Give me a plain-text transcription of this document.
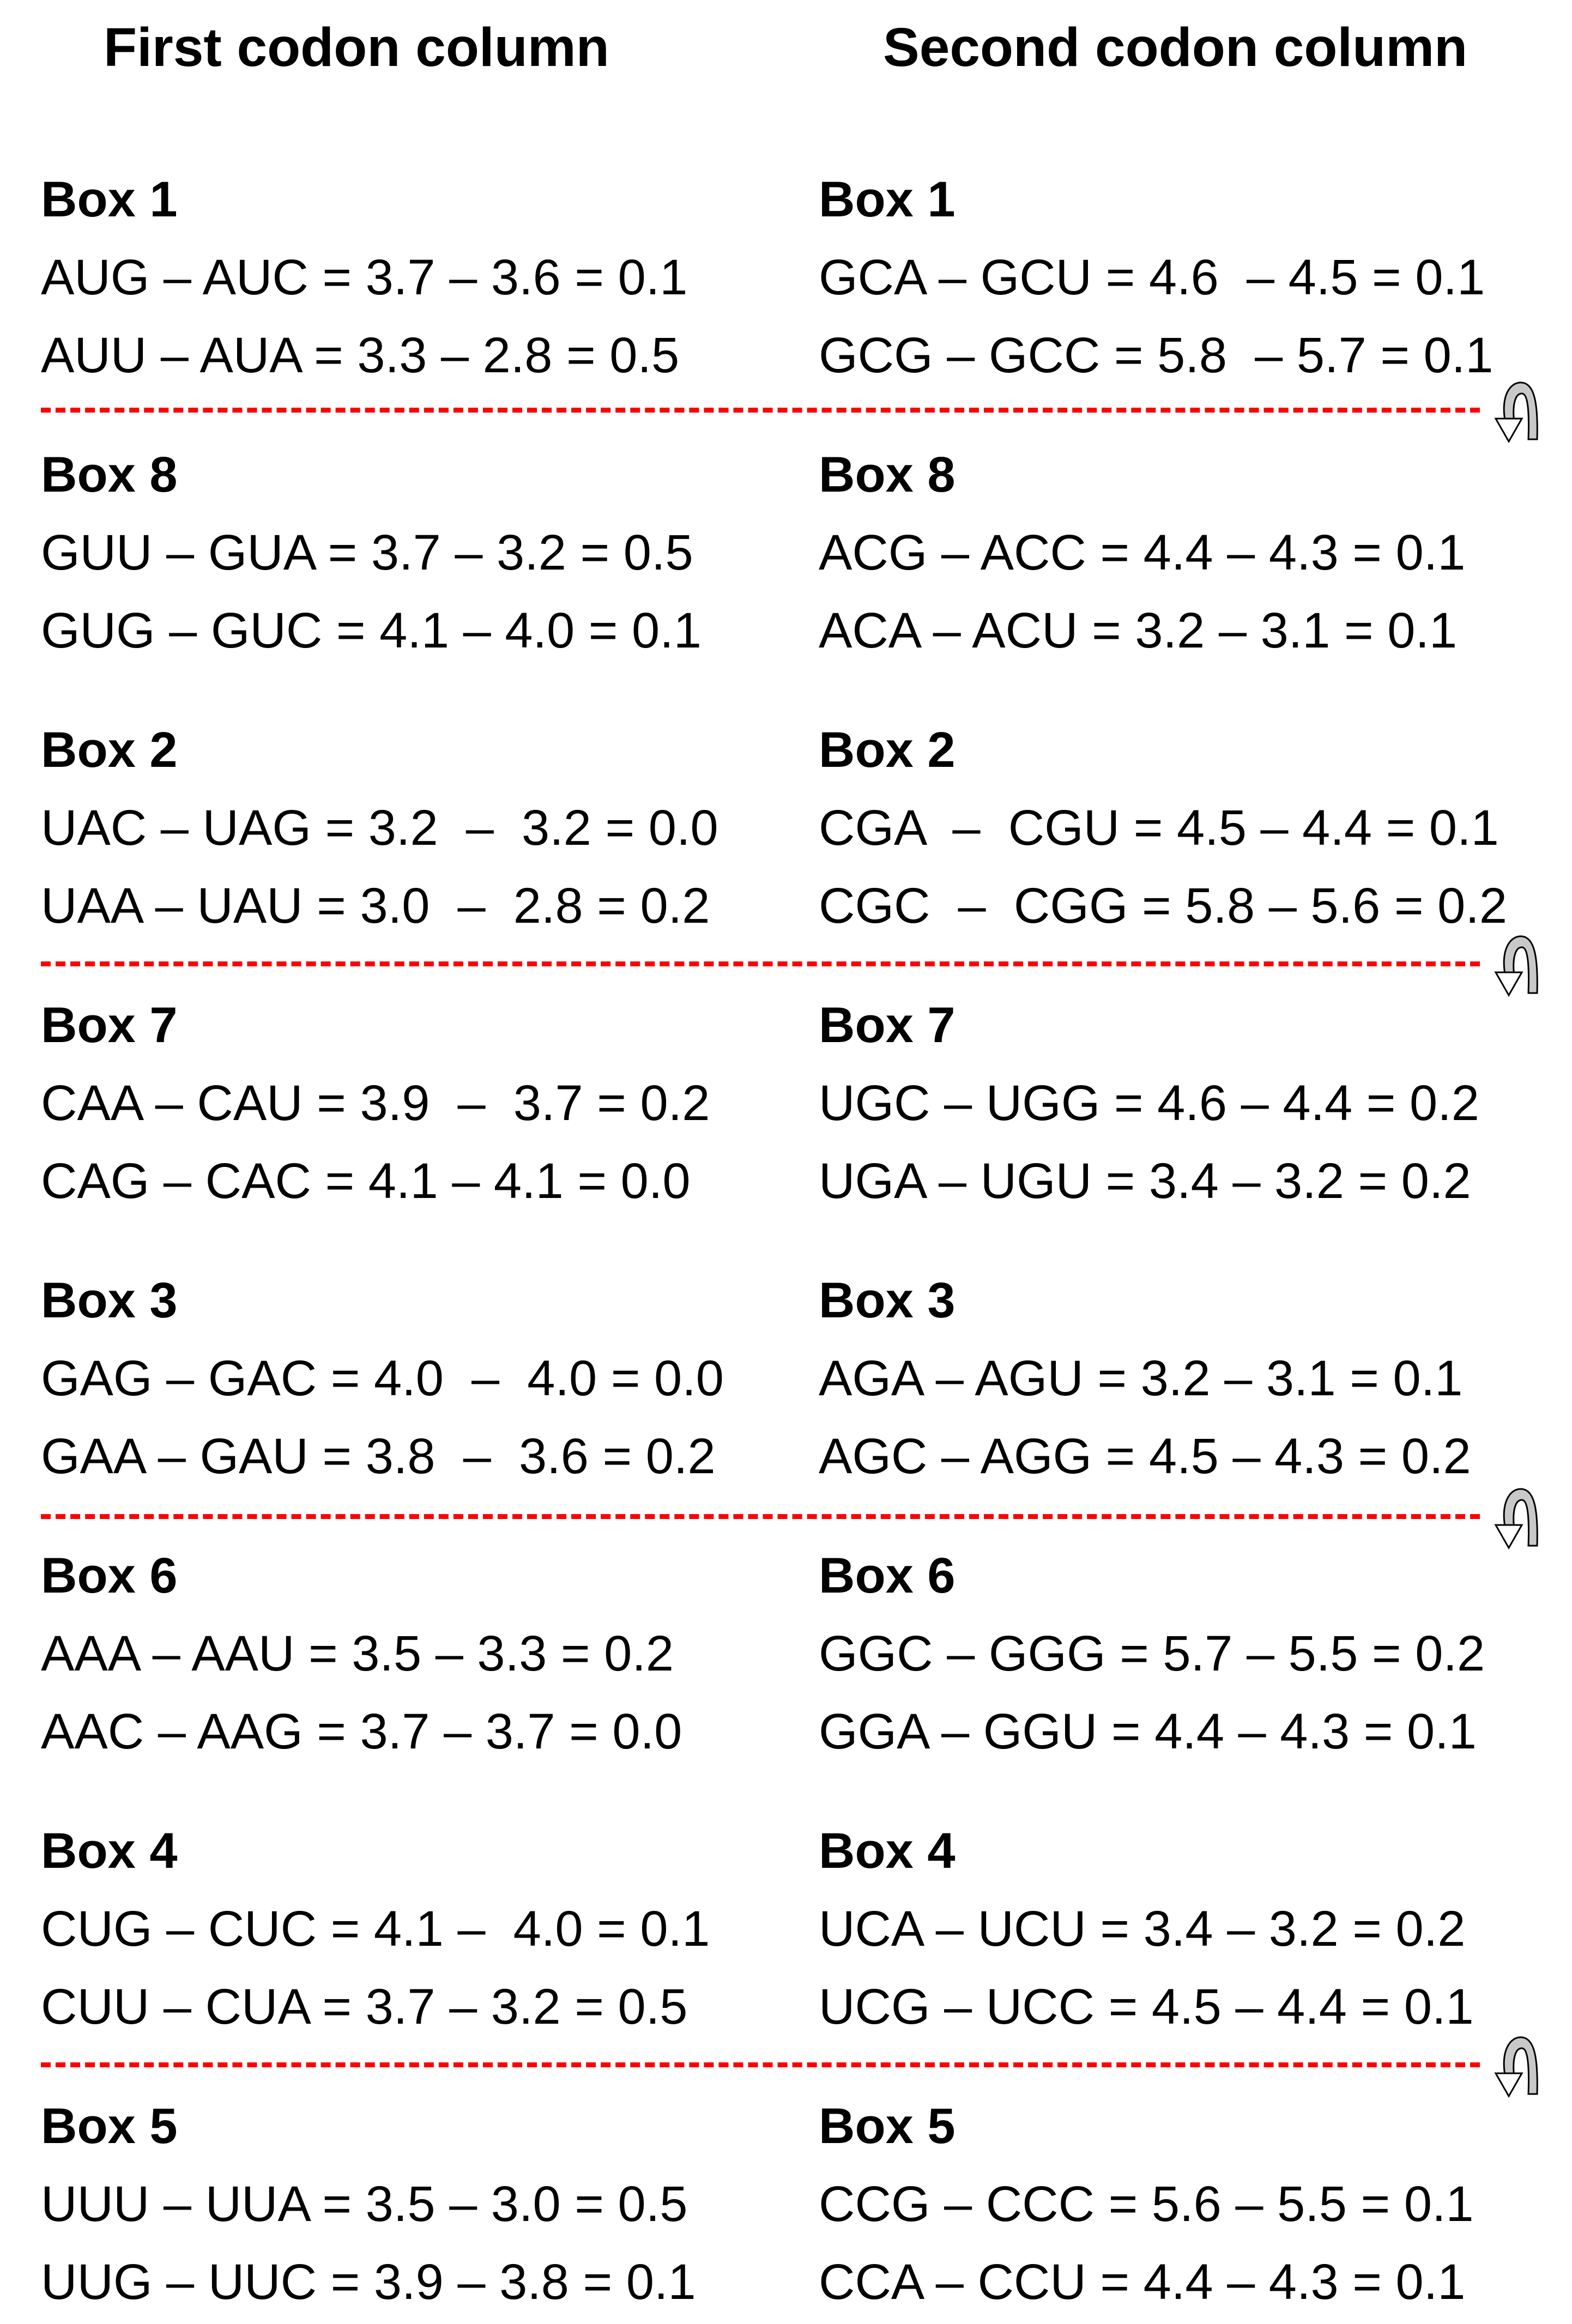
First codon column	Second codon column
Box 1
AUG – AUC = 3.7 – 3.6 = 0.1
AUU – AUA = 3.3 – 2.8 = 0.5
Box 8
GUU – GUA = 3.7 – 3.2 = 0.5
GUG – GUC = 4.1 – 4.0 = 0.1
Box 2
UAC – UAG = 3.2  –  3.2 = 0.0
UAA – UAU = 3.0  –  2.8 = 0.2
Box 7
CAA – CAU = 3.9  –  3.7 = 0.2
CAG – CAC = 4.1 – 4.1 = 0.0
Box 3
GAG – GAC = 4.0  –  4.0 = 0.0
GAA – GAU = 3.8  –  3.6 = 0.2
Box 6
AAA – AAU = 3.5 – 3.3 = 0.2
AAC – AAG = 3.7 – 3.7 = 0.0
Box 4
CUG – CUC = 4.1 –  4.0 = 0.1
CUU – CUA = 3.7 – 3.2 = 0.5
Box 5
UUU – UUA = 3.5 – 3.0 = 0.5
UUG – UUC = 3.9 – 3.8 = 0.1
Box 1
GCA – GCU = 4.6  – 4.5 = 0.1
GCG – GCC = 5.8  – 5.7 = 0.1
Box 8
ACG – ACC = 4.4 – 4.3 = 0.1
ACA – ACU = 3.2 – 3.1 = 0.1
Box 2
CGA  –  CGU = 4.5 – 4.4 = 0.1
CGC  –  CGG = 5.8 – 5.6 = 0.2
Box 7
UGC – UGG = 4.6 – 4.4 = 0.2
UGA – UGU = 3.4 – 3.2 = 0.2
Box 3
AGA – AGU = 3.2 – 3.1 = 0.1
AGC – AGG = 4.5 – 4.3 = 0.2
Box 6
GGC – GGG = 5.7 – 5.5 = 0.2
GGA – GGU = 4.4 – 4.3 = 0.1
Box 4
UCA – UCU = 3.4 – 3.2 = 0.2
UCG – UCC = 4.5 – 4.4 = 0.1
Box 5
CCG – CCC = 5.6 – 5.5 = 0.1
CCA – CCU = 4.4 – 4.3 = 0.1
